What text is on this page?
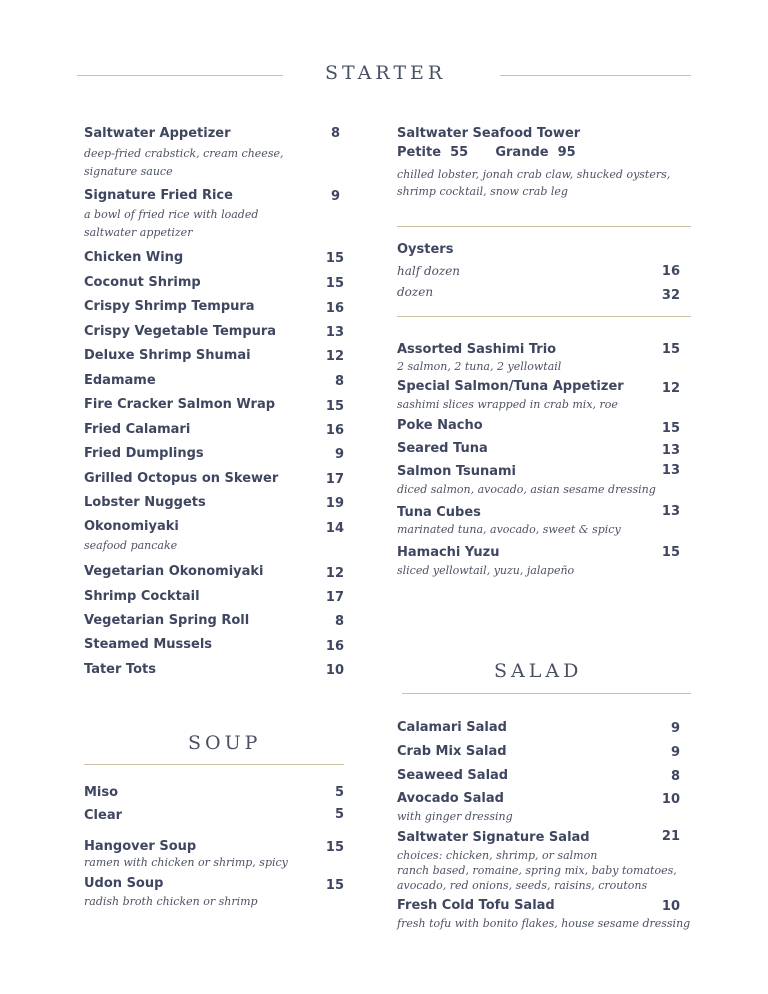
STARTER
Saltwater Appetizer	8
deep-fried crabstick, cream cheese,
signature sauce
Signature Fried Rice	9
a bowl of fried rice with loaded
saltwater appetizer
Chicken Wing	15
Coconut Shrimp	15
Crispy Shrimp Tempura	16
Crispy Vegetable Tempura	13
Deluxe Shrimp Shumai	12
Edamame	8
Fire Cracker Salmon Wrap	15
Fried Calamari	16
Fried Dumplings	9
Grilled Octopus on Skewer	17
Lobster Nuggets	19
Okonomiyaki	14
seafood pancake
Vegetarian Okonomiyaki	12
Shrimp Cocktail	17
Vegetarian Spring Roll	8
Steamed Mussels	16
Tater Tots	10
Saltwater Seafood Tower
Petite  55      Grande  95
chilled lobster, jonah crab claw, shucked oysters,
shrimp cocktail, snow crab leg
Oysters
half dozen	16
dozen	32
Assorted Sashimi Trio	15
2 salmon, 2 tuna, 2 yellowtail
Special Salmon/Tuna Appetizer	12
sashimi slices wrapped in crab mix, roe
Poke Nacho	15
Seared Tuna	13
Salmon Tsunami	13
diced salmon, avocado, asian sesame dressing
Tuna Cubes	13
marinated tuna, avocado, sweet & spicy
Hamachi Yuzu	15
sliced yellowtail, yuzu, jalapeño
SALAD
Calamari Salad	9
Crab Mix Salad	9
Seaweed Salad	8
Avocado Salad	10
with ginger dressing
Saltwater Signature Salad	21
choices: chicken, shrimp, or salmon
ranch based, romaine, spring mix, baby tomatoes,
avocado, red onions, seeds, raisins, croutons
Fresh Cold Tofu Salad	10
fresh tofu with bonito flakes, house sesame dressing
SOUP
Miso	5
Clear	5
Hangover Soup	15
ramen with chicken or shrimp, spicy
Udon Soup	15
radish broth chicken or shrimp
